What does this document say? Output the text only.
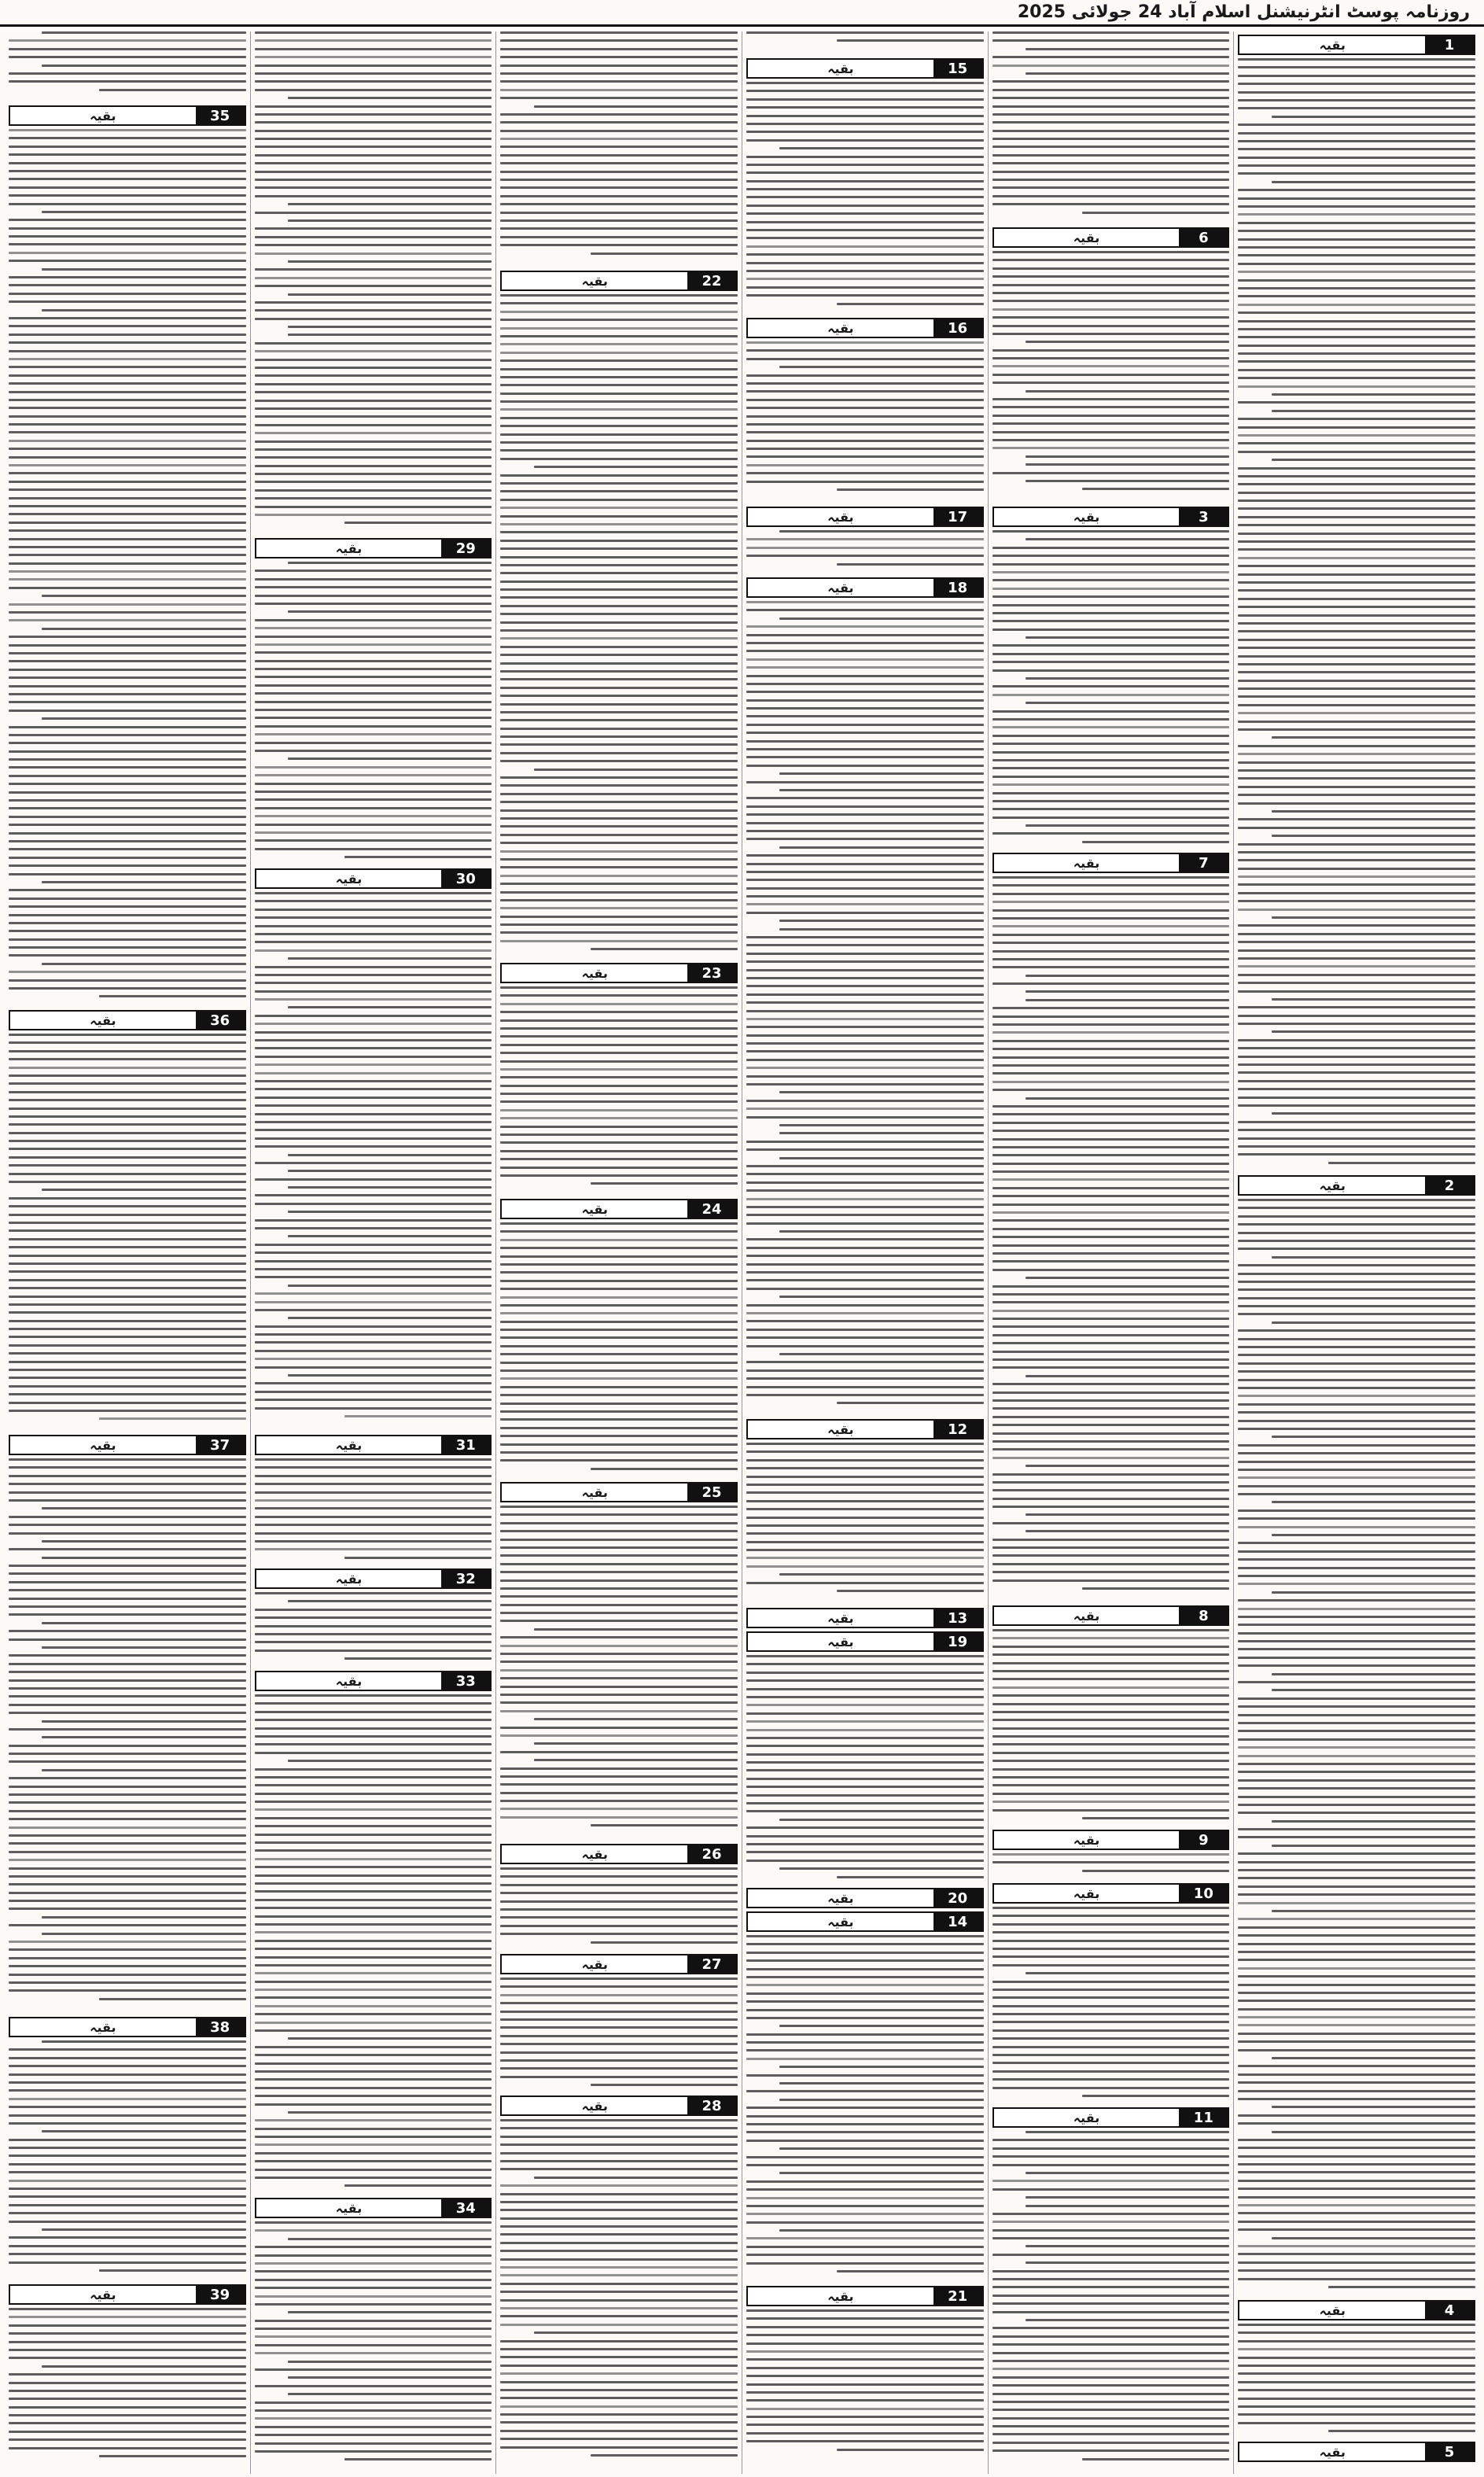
روزنامہ پوسٹ انٹرنیشنل اسلام آباد 24 جولائی 2025
1
بقیہ
2
بقیہ
4
بقیہ
5
بقیہ
6
بقیہ
3
بقیہ
7
بقیہ
8
بقیہ
9
بقیہ
10
بقیہ
11
بقیہ
15
بقیہ
16
بقیہ
17
بقیہ
18
بقیہ
12
بقیہ
13
بقیہ
19
بقیہ
20
بقیہ
14
بقیہ
21
بقیہ
22
بقیہ
23
بقیہ
24
بقیہ
25
بقیہ
26
بقیہ
27
بقیہ
28
بقیہ
29
بقیہ
30
بقیہ
31
بقیہ
32
بقیہ
33
بقیہ
34
بقیہ
35
بقیہ
36
بقیہ
37
بقیہ
38
بقیہ
39
بقیہ
